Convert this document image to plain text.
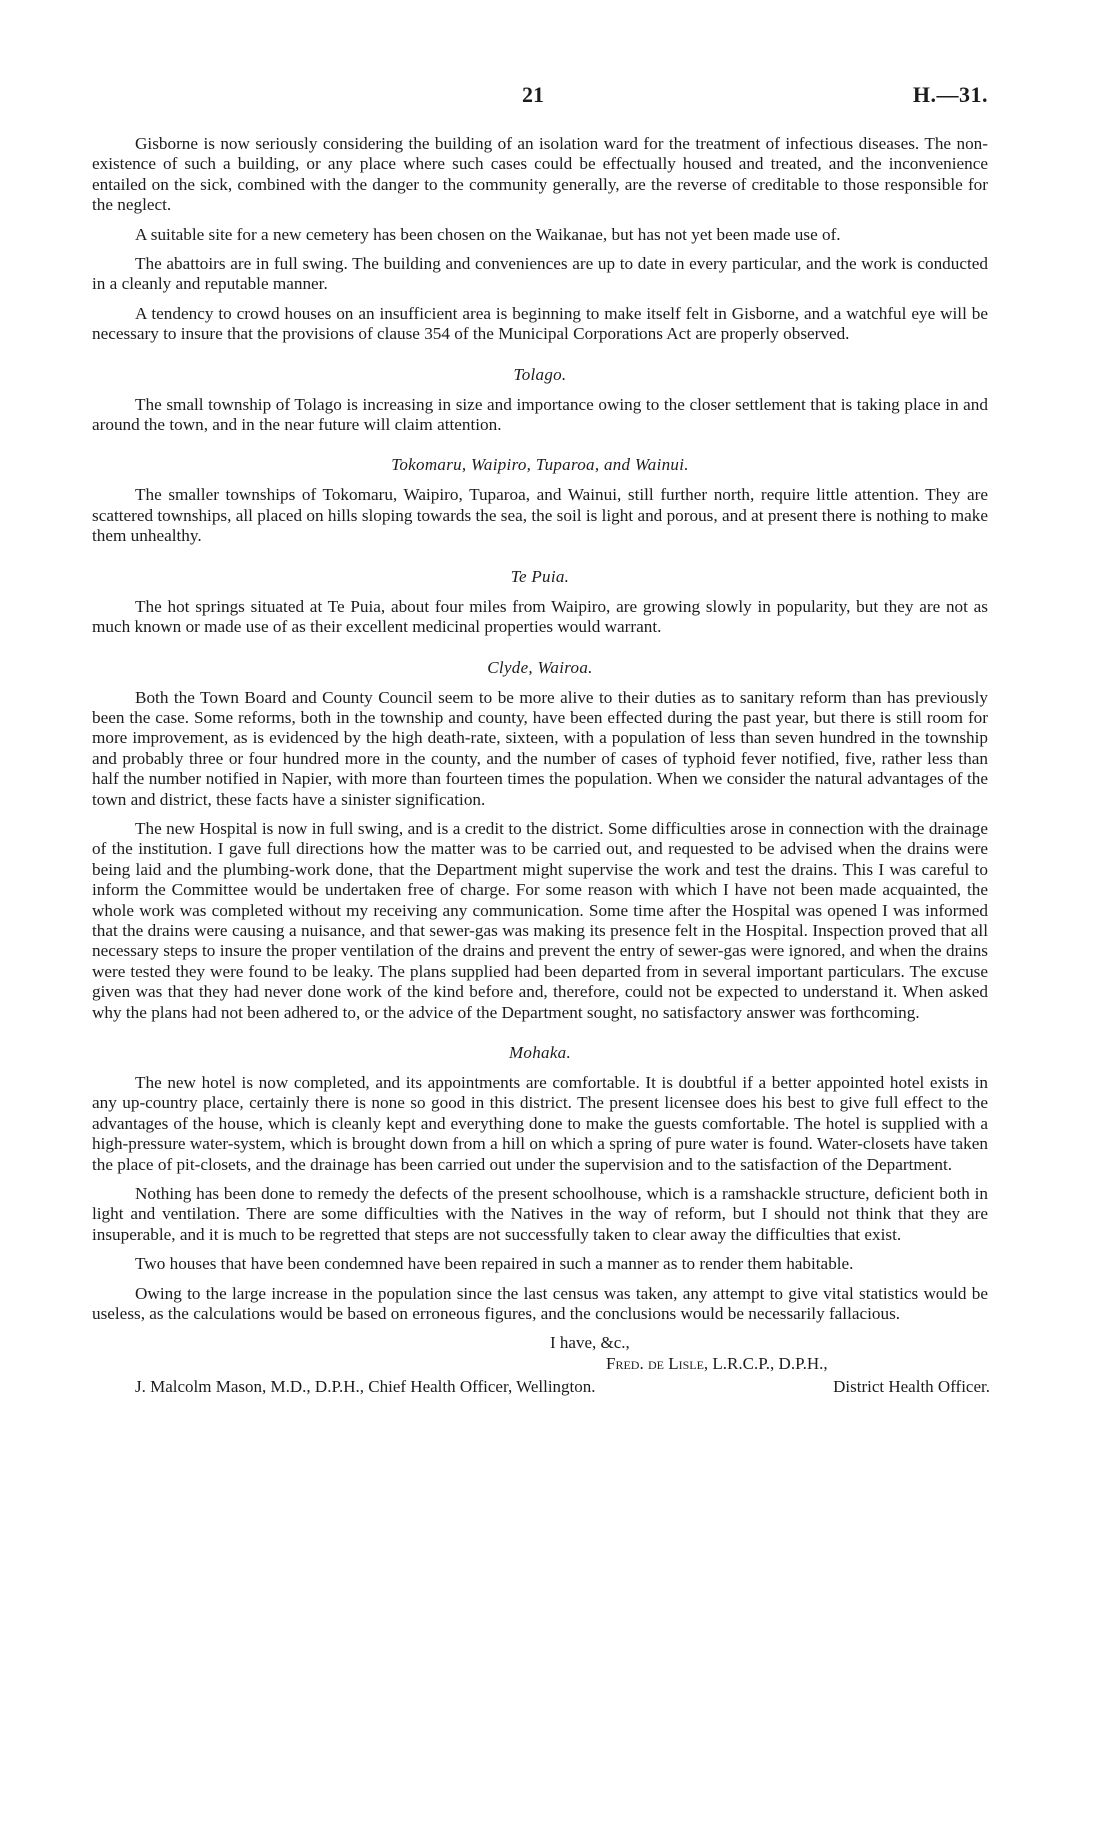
21	H.—31.

Gisborne is now seriously considering the building of an isolation ward for the treatment of infectious diseases. The non-existence of such a building, or any place where such cases could be effectually housed and treated, and the inconvenience entailed on the sick, combined with the danger to the community generally, are the reverse of creditable to those responsible for the neglect.

A suitable site for a new cemetery has been chosen on the Waikanae, but has not yet been made use of.

The abattoirs are in full swing. The building and conveniences are up to date in every particular, and the work is conducted in a cleanly and reputable manner.

A tendency to crowd houses on an insufficient area is beginning to make itself felt in Gisborne, and a watchful eye will be necessary to insure that the provisions of clause 354 of the Municipal Corporations Act are properly observed.

Tolago.

The small township of Tolago is increasing in size and importance owing to the closer settlement that is taking place in and around the town, and in the near future will claim attention.

Tokomaru, Waipiro, Tuparoa, and Wainui.

The smaller townships of Tokomaru, Waipiro, Tuparoa, and Wainui, still further north, require little attention. They are scattered townships, all placed on hills sloping towards the sea, the soil is light and porous, and at present there is nothing to make them unhealthy.

Te Puia.

The hot springs situated at Te Puia, about four miles from Waipiro, are growing slowly in popularity, but they are not as much known or made use of as their excellent medicinal properties would warrant.

Clyde, Wairoa.

Both the Town Board and County Council seem to be more alive to their duties as to sanitary reform than has previously been the case. Some reforms, both in the township and county, have been effected during the past year, but there is still room for more improvement, as is evidenced by the high death-rate, sixteen, with a population of less than seven hundred in the township and probably three or four hundred more in the county, and the number of cases of typhoid fever notified, five, rather less than half the number notified in Napier, with more than fourteen times the population. When we consider the natural advantages of the town and district, these facts have a sinister signification.

The new Hospital is now in full swing, and is a credit to the district. Some difficulties arose in connection with the drainage of the institution. I gave full directions how the matter was to be carried out, and requested to be advised when the drains were being laid and the plumbing-work done, that the Department might supervise the work and test the drains. This I was careful to inform the Committee would be undertaken free of charge. For some reason with which I have not been made acquainted, the whole work was completed without my receiving any communication. Some time after the Hospital was opened I was informed that the drains were causing a nuisance, and that sewer-gas was making its presence felt in the Hospital. Inspection proved that all necessary steps to insure the proper ventilation of the drains and prevent the entry of sewer-gas were ignored, and when the drains were tested they were found to be leaky. The plans supplied had been departed from in several important particulars. The excuse given was that they had never done work of the kind before and, therefore, could not be expected to understand it. When asked why the plans had not been adhered to, or the advice of the Department sought, no satisfactory answer was forthcoming.

Mohaka.

The new hotel is now completed, and its appointments are comfortable. It is doubtful if a better appointed hotel exists in any up-country place, certainly there is none so good in this district. The present licensee does his best to give full effect to the advantages of the house, which is cleanly kept and everything done to make the guests comfortable. The hotel is supplied with a high-pressure water-system, which is brought down from a hill on which a spring of pure water is found. Water-closets have taken the place of pit-closets, and the drainage has been carried out under the supervision and to the satisfaction of the Department.

Nothing has been done to remedy the defects of the present schoolhouse, which is a ramshackle structure, deficient both in light and ventilation. There are some difficulties with the Natives in the way of reform, but I should not think that they are insuperable, and it is much to be regretted that steps are not successfully taken to clear away the difficulties that exist.

Two houses that have been condemned have been repaired in such a manner as to render them habitable.

Owing to the large increase in the population since the last census was taken, any attempt to give vital statistics would be useless, as the calculations would be based on erroneous figures, and the conclusions would be necessarily fallacious.

I have, &c.,
Fred. de Lisle, L.R.C.P., D.P.H.,
J. Malcolm Mason, M.D., D.P.H., Chief Health Officer, Wellington.	District Health Officer.
